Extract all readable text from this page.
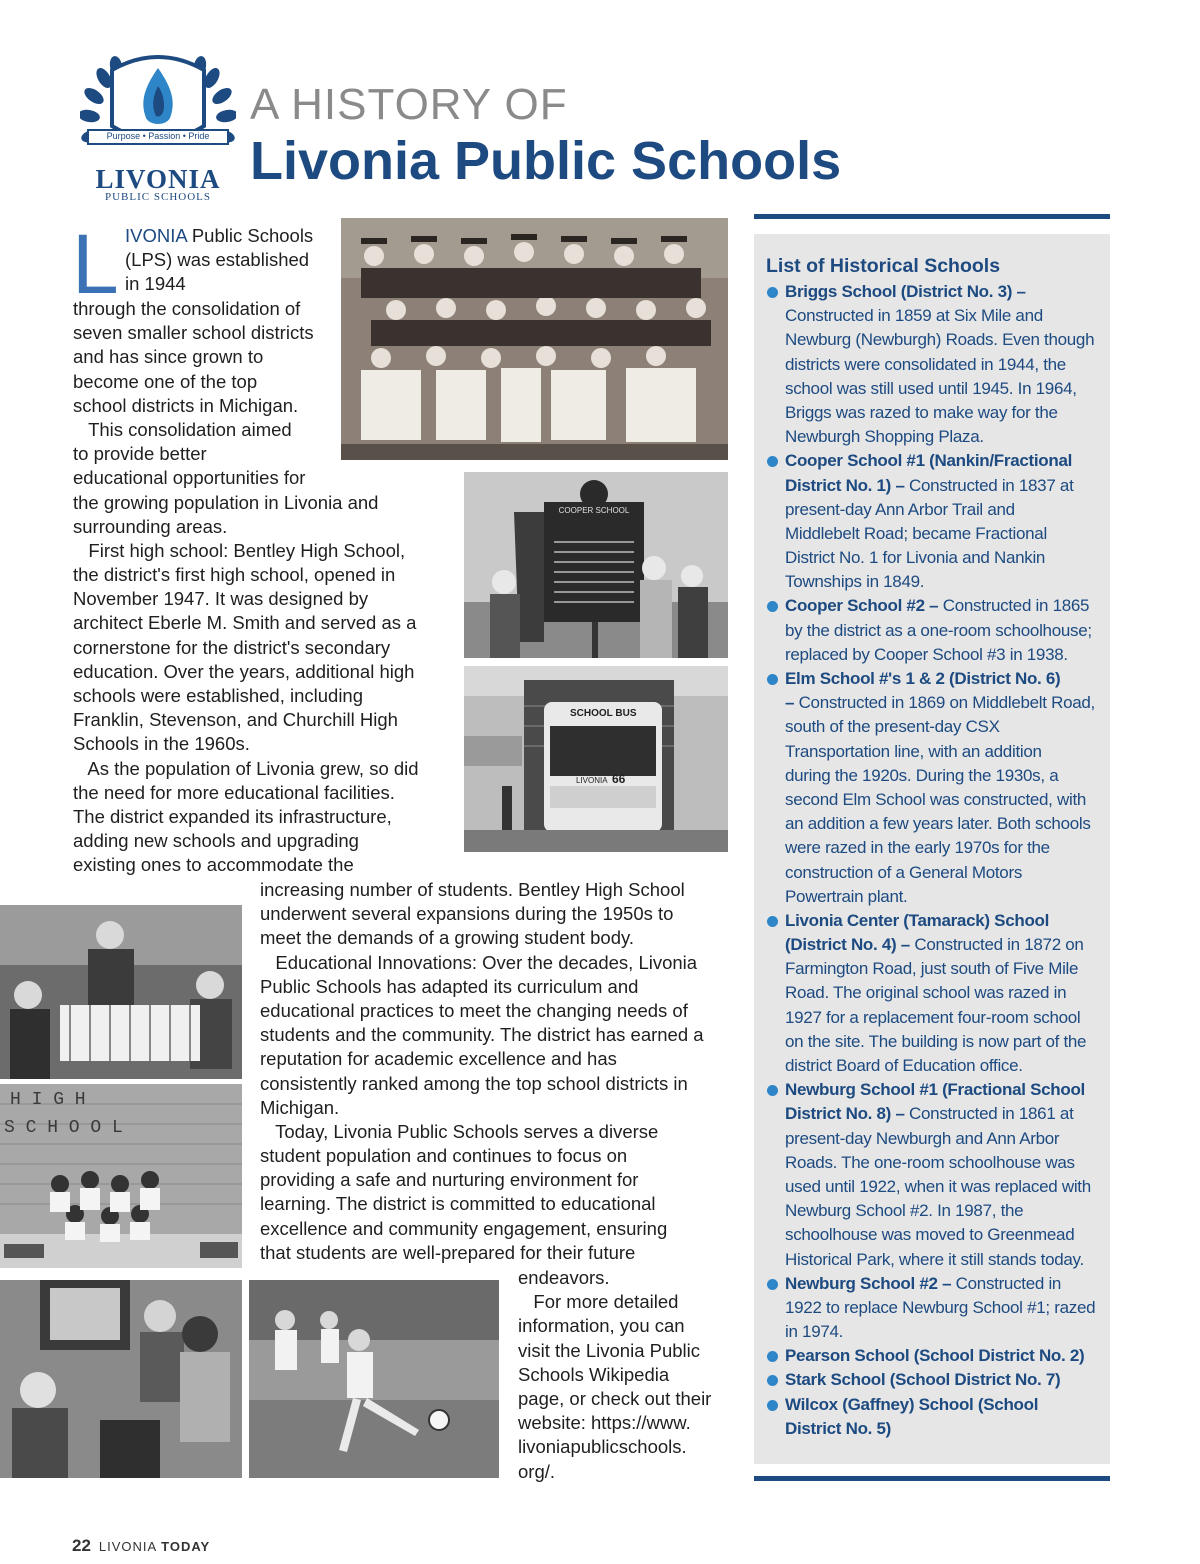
Purpose • Passion • Pride
LIVONIA
PUBLIC SCHOOLS
A HISTORY OF
Livonia Public Schools
L IVONIA Public Schools
(LPS) was established
in 1944
through the consolidation of
seven smaller school districts
and has since grown to
become one of the top
school districts in Michigan.
This consolidation aimed
to provide better
educational opportunities for
the growing population in Livonia and
surrounding areas.
First high school: Bentley High School,
the district's first high school, opened in
November 1947. It was designed by
architect Eberle M. Smith and served as a
cornerstone for the district's secondary
education. Over the years, additional high
schools were established, including
Franklin, Stevenson, and Churchill High
Schools in the 1960s.
As the population of Livonia grew, so did
the need for more educational facilities.
The district expanded its infrastructure,
adding new schools and upgrading
existing ones to accommodate the
increasing number of students. Bentley High School
underwent several expansions during the 1950s to
meet the demands of a growing student body.
Educational Innovations: Over the decades, Livonia
Public Schools has adapted its curriculum and
educational practices to meet the changing needs of
students and the community. The district has earned a
reputation for academic excellence and has
consistently ranked among the top school districts in
Michigan.
Today, Livonia Public Schools serves a diverse
student population and continues to focus on
providing a safe and nurturing environment for
learning. The district is committed to educational
excellence and community engagement, ensuring
that students are well-prepared for their future
endeavors.
For more detailed
information, you can
visit the Livonia Public
Schools Wikipedia
page, or check out their
website: https://www.
livoniapublicschools.
org/.
COOPER SCHOOL
SCHOOL BUS
LIVONIA 66
H I G H
S C H O O L
List of Historical Schools
Briggs School (District No. 3) –
Constructed in 1859 at Six Mile and
Newburg (Newburgh) Roads. Even though
districts were consolidated in 1944, the
school was still used until 1945. In 1964,
Briggs was razed to make way for the
Newburgh Shopping Plaza.
Cooper School #1 (Nankin/Fractional
District No. 1) – Constructed in 1837 at
present-day Ann Arbor Trail and
Middlebelt Road; became Fractional
District No. 1 for Livonia and Nankin
Townships in 1849.
Cooper School #2 – Constructed in 1865
by the district as a one-room schoolhouse;
replaced by Cooper School #3 in 1938.
Elm School #'s 1 & 2 (District No. 6)
– Constructed in 1869 on Middlebelt Road,
south of the present-day CSX
Transportation line, with an addition
during the 1920s. During the 1930s, a
second Elm School was constructed, with
an addition a few years later. Both schools
were razed in the early 1970s for the
construction of a General Motors
Powertrain plant.
Livonia Center (Tamarack) School
(District No. 4) – Constructed in 1872 on
Farmington Road, just south of Five Mile
Road. The original school was razed in
1927 for a replacement four-room school
on the site. The building is now part of the
district Board of Education office.
Newburg School #1 (Fractional School
District No. 8) – Constructed in 1861 at
present-day Newburgh and Ann Arbor
Roads. The one-room schoolhouse was
used until 1922, when it was replaced with
Newburg School #2. In 1987, the
schoolhouse was moved to Greenmead
Historical Park, where it still stands today.
Newburg School #2 – Constructed in
1922 to replace Newburg School #1; razed
in 1974.
Pearson School (School District No. 2)
Stark School (School District No. 7)
Wilcox (Gaffney) School (School
District No. 5)
22 LIVONIA TODAY
